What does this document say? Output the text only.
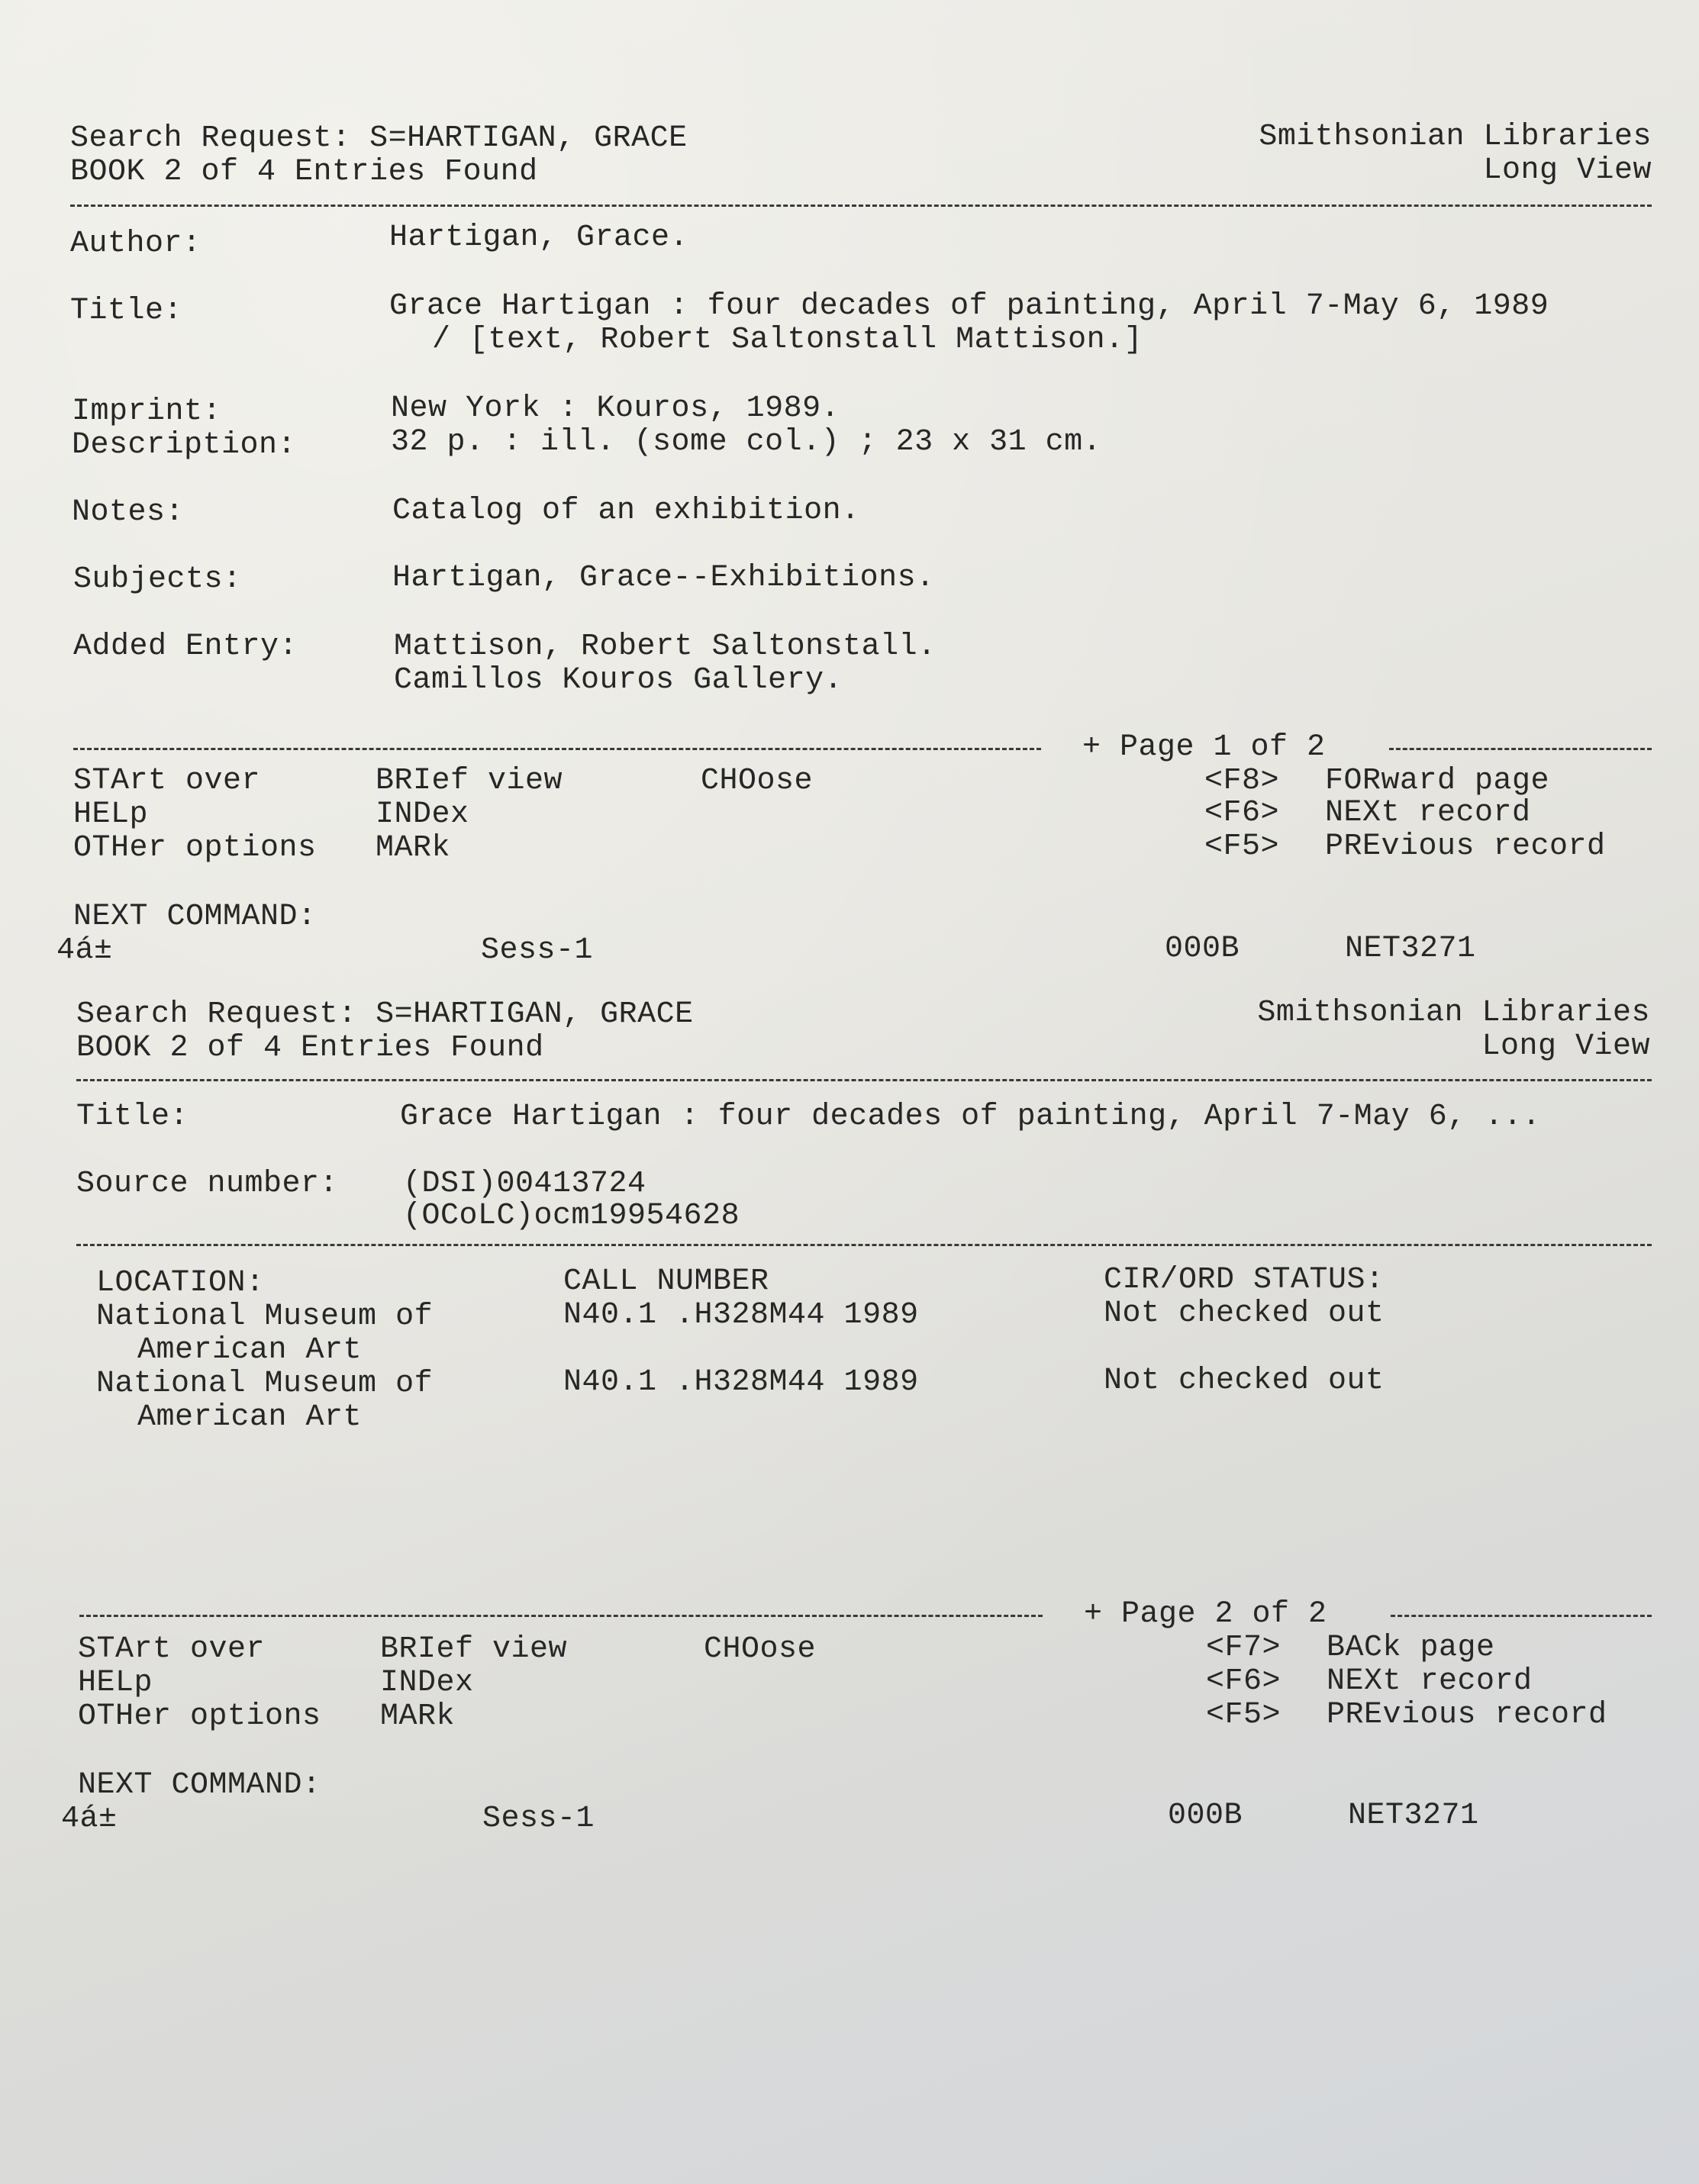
Search Request: S=HARTIGAN, GRACE
BOOK 2 of 4 Entries Found
Smithsonian Libraries
Long View
Author:	Hartigan, Grace.
Title:	Grace Hartigan : four decades of painting, April 7-May 6, 1989
/ [text, Robert Saltonstall Mattison.]
Imprint:	New York : Kouros, 1989.
Description:	32 p. : ill. (some col.) ; 23 x 31 cm.
Notes:	Catalog of an exhibition.
Subjects:	Hartigan, Grace--Exhibitions.
Added Entry:	Mattison, Robert Saltonstall.
Camillos Kouros Gallery.
+ Page 1 of 2
STArt over
HELp
OTHer options
BRIef view
INDex
MARk
CHOose	<F8> FORward page
<F6> NEXt record
<F5> PREvious record
NEXT COMMAND:
4á±	Sess-1	000B	NET3271
Search Request: S=HARTIGAN, GRACE
BOOK 2 of 4 Entries Found
Smithsonian Libraries
Long View
Title:	Grace Hartigan : four decades of painting, April 7-May 6, ...
Source number: (DSI)00413724
(OCoLC)ocm19954628
LOCATION:	CALL NUMBER	CIR/ORD STATUS:
National Museum of
American Art
N40.1 .H328M44 1989	Not checked out
National Museum of
American Art
N40.1 .H328M44 1989	Not checked out
+ Page 2 of 2
STArt over
HELp
OTHer options
BRIef view
INDex
MARk
CHOose	<F7> BACk page
<F6> NEXt record
<F5> PREvious record
NEXT COMMAND:
4á±	Sess-1	000B	NET3271
